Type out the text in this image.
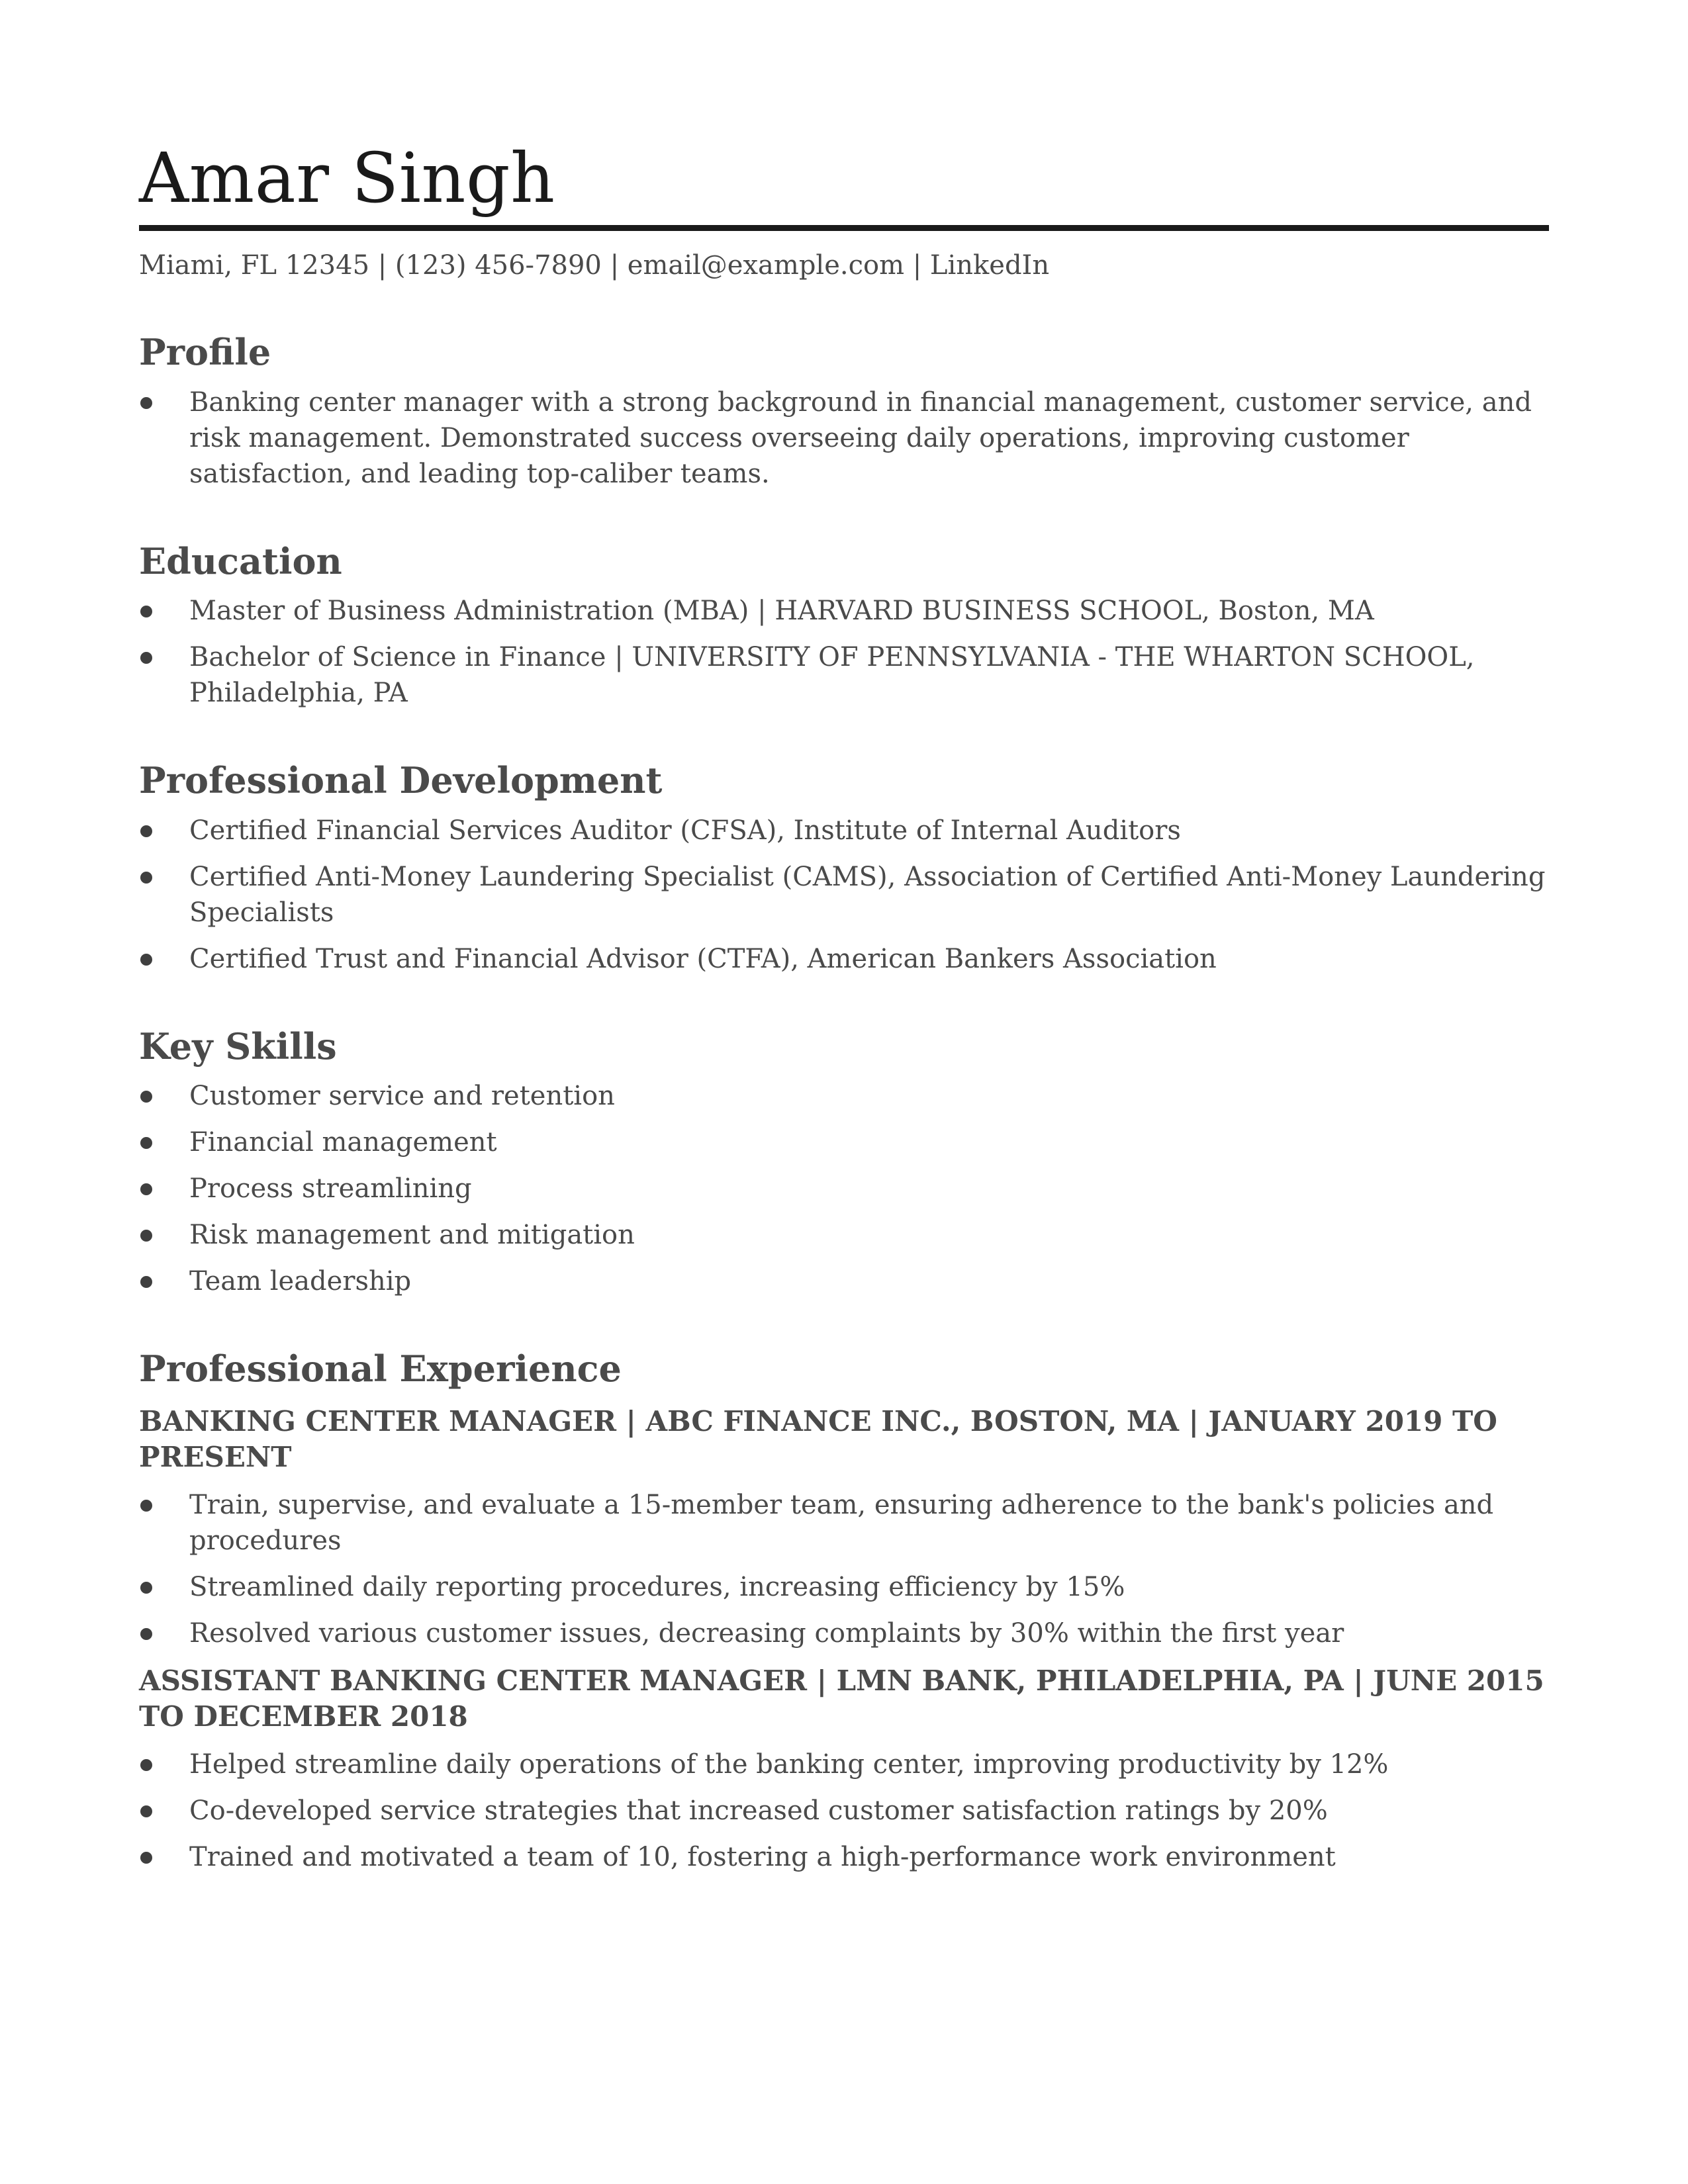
Amar Singh
Miami, FL 12345 | (123) 456-7890 | email@example.com | LinkedIn
Profile
Banking center manager with a strong background in financial management, customer service, and risk management. Demonstrated success overseeing daily operations, improving customer satisfaction, and leading top-caliber teams.
Education
Master of Business Administration (MBA) | HARVARD BUSINESS SCHOOL, Boston, MA
Bachelor of Science in Finance | UNIVERSITY OF PENNSYLVANIA - THE WHARTON SCHOOL, Philadelphia, PA
Professional Development
Certified Financial Services Auditor (CFSA), Institute of Internal Auditors
Certified Anti-Money Laundering Specialist (CAMS), Association of Certified Anti-Money Laundering Specialists
Certified Trust and Financial Advisor (CTFA), American Bankers Association
Key Skills
Customer service and retention
Financial management
Process streamlining
Risk management and mitigation
Team leadership
Professional Experience
BANKING CENTER MANAGER | ABC FINANCE INC., BOSTON, MA | JANUARY 2019 TO PRESENT
Train, supervise, and evaluate a 15-member team, ensuring adherence to the bank's policies and procedures
Streamlined daily reporting procedures, increasing efficiency by 15%
Resolved various customer issues, decreasing complaints by 30% within the first year
ASSISTANT BANKING CENTER MANAGER | LMN BANK, PHILADELPHIA, PA | JUNE 2015 TO DECEMBER 2018
Helped streamline daily operations of the banking center, improving productivity by 12%
Co-developed service strategies that increased customer satisfaction ratings by 20%
Trained and motivated a team of 10, fostering a high-performance work environment
